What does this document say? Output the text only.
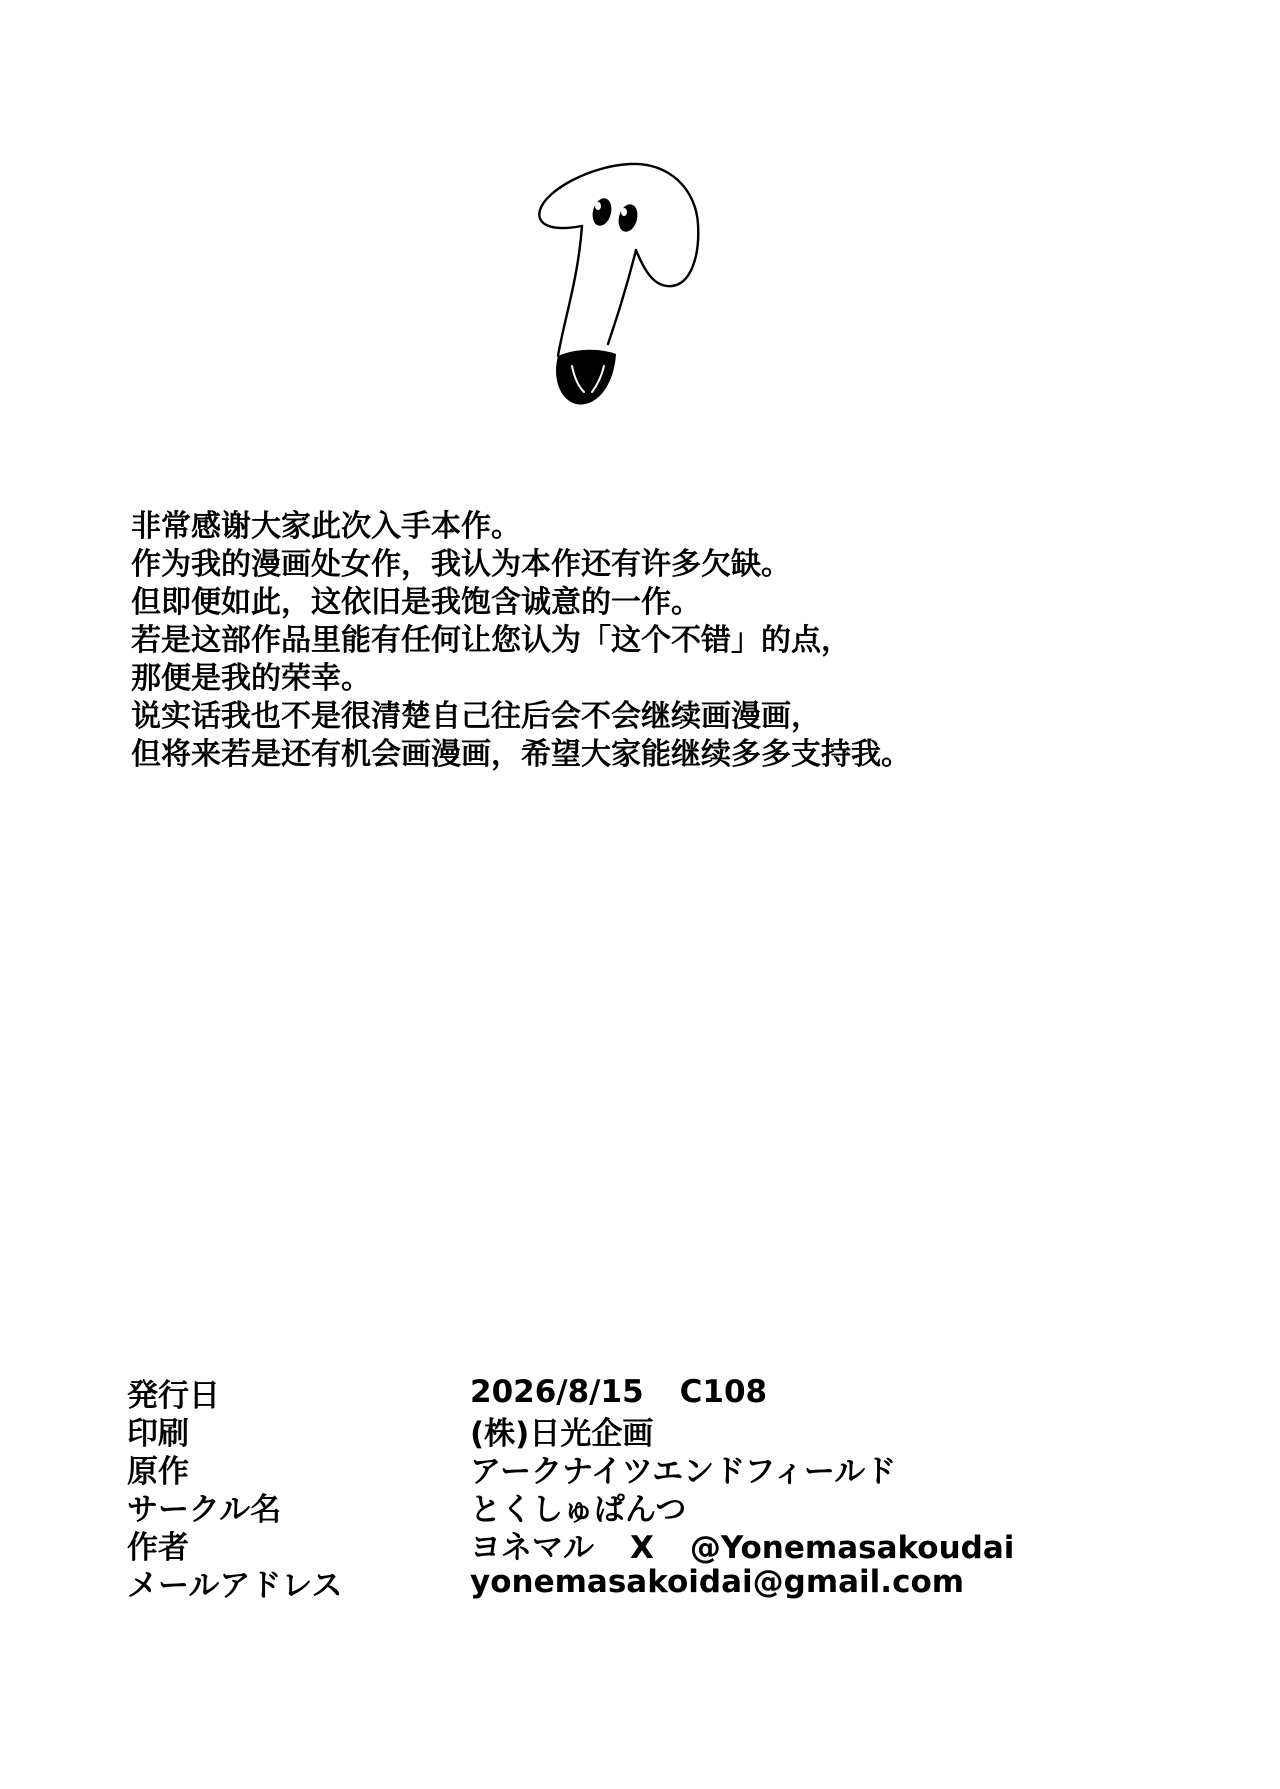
非常感谢大家此次入手本作。
作为我的漫画处女作，我认为本作还有许多欠缺。
但即便如此，这依旧是我饱含诚意的一作。
若是这部作品里能有任何让您认为「这个不错」的点，
那便是我的荣幸。
说实话我也不是很清楚自己往后会不会继续画漫画，
但将来若是还有机会画漫画，希望大家能继续多多支持我。
発行日	2026/8/15 C108
印刷	(株)日光企画
原作	アークナイツエンドフィールド
サークル名	とくしゅぱんつ
作者	ヨネマル X @Yonemasakoudai
メールアドレス	yonemasakoidai@gmail.com
